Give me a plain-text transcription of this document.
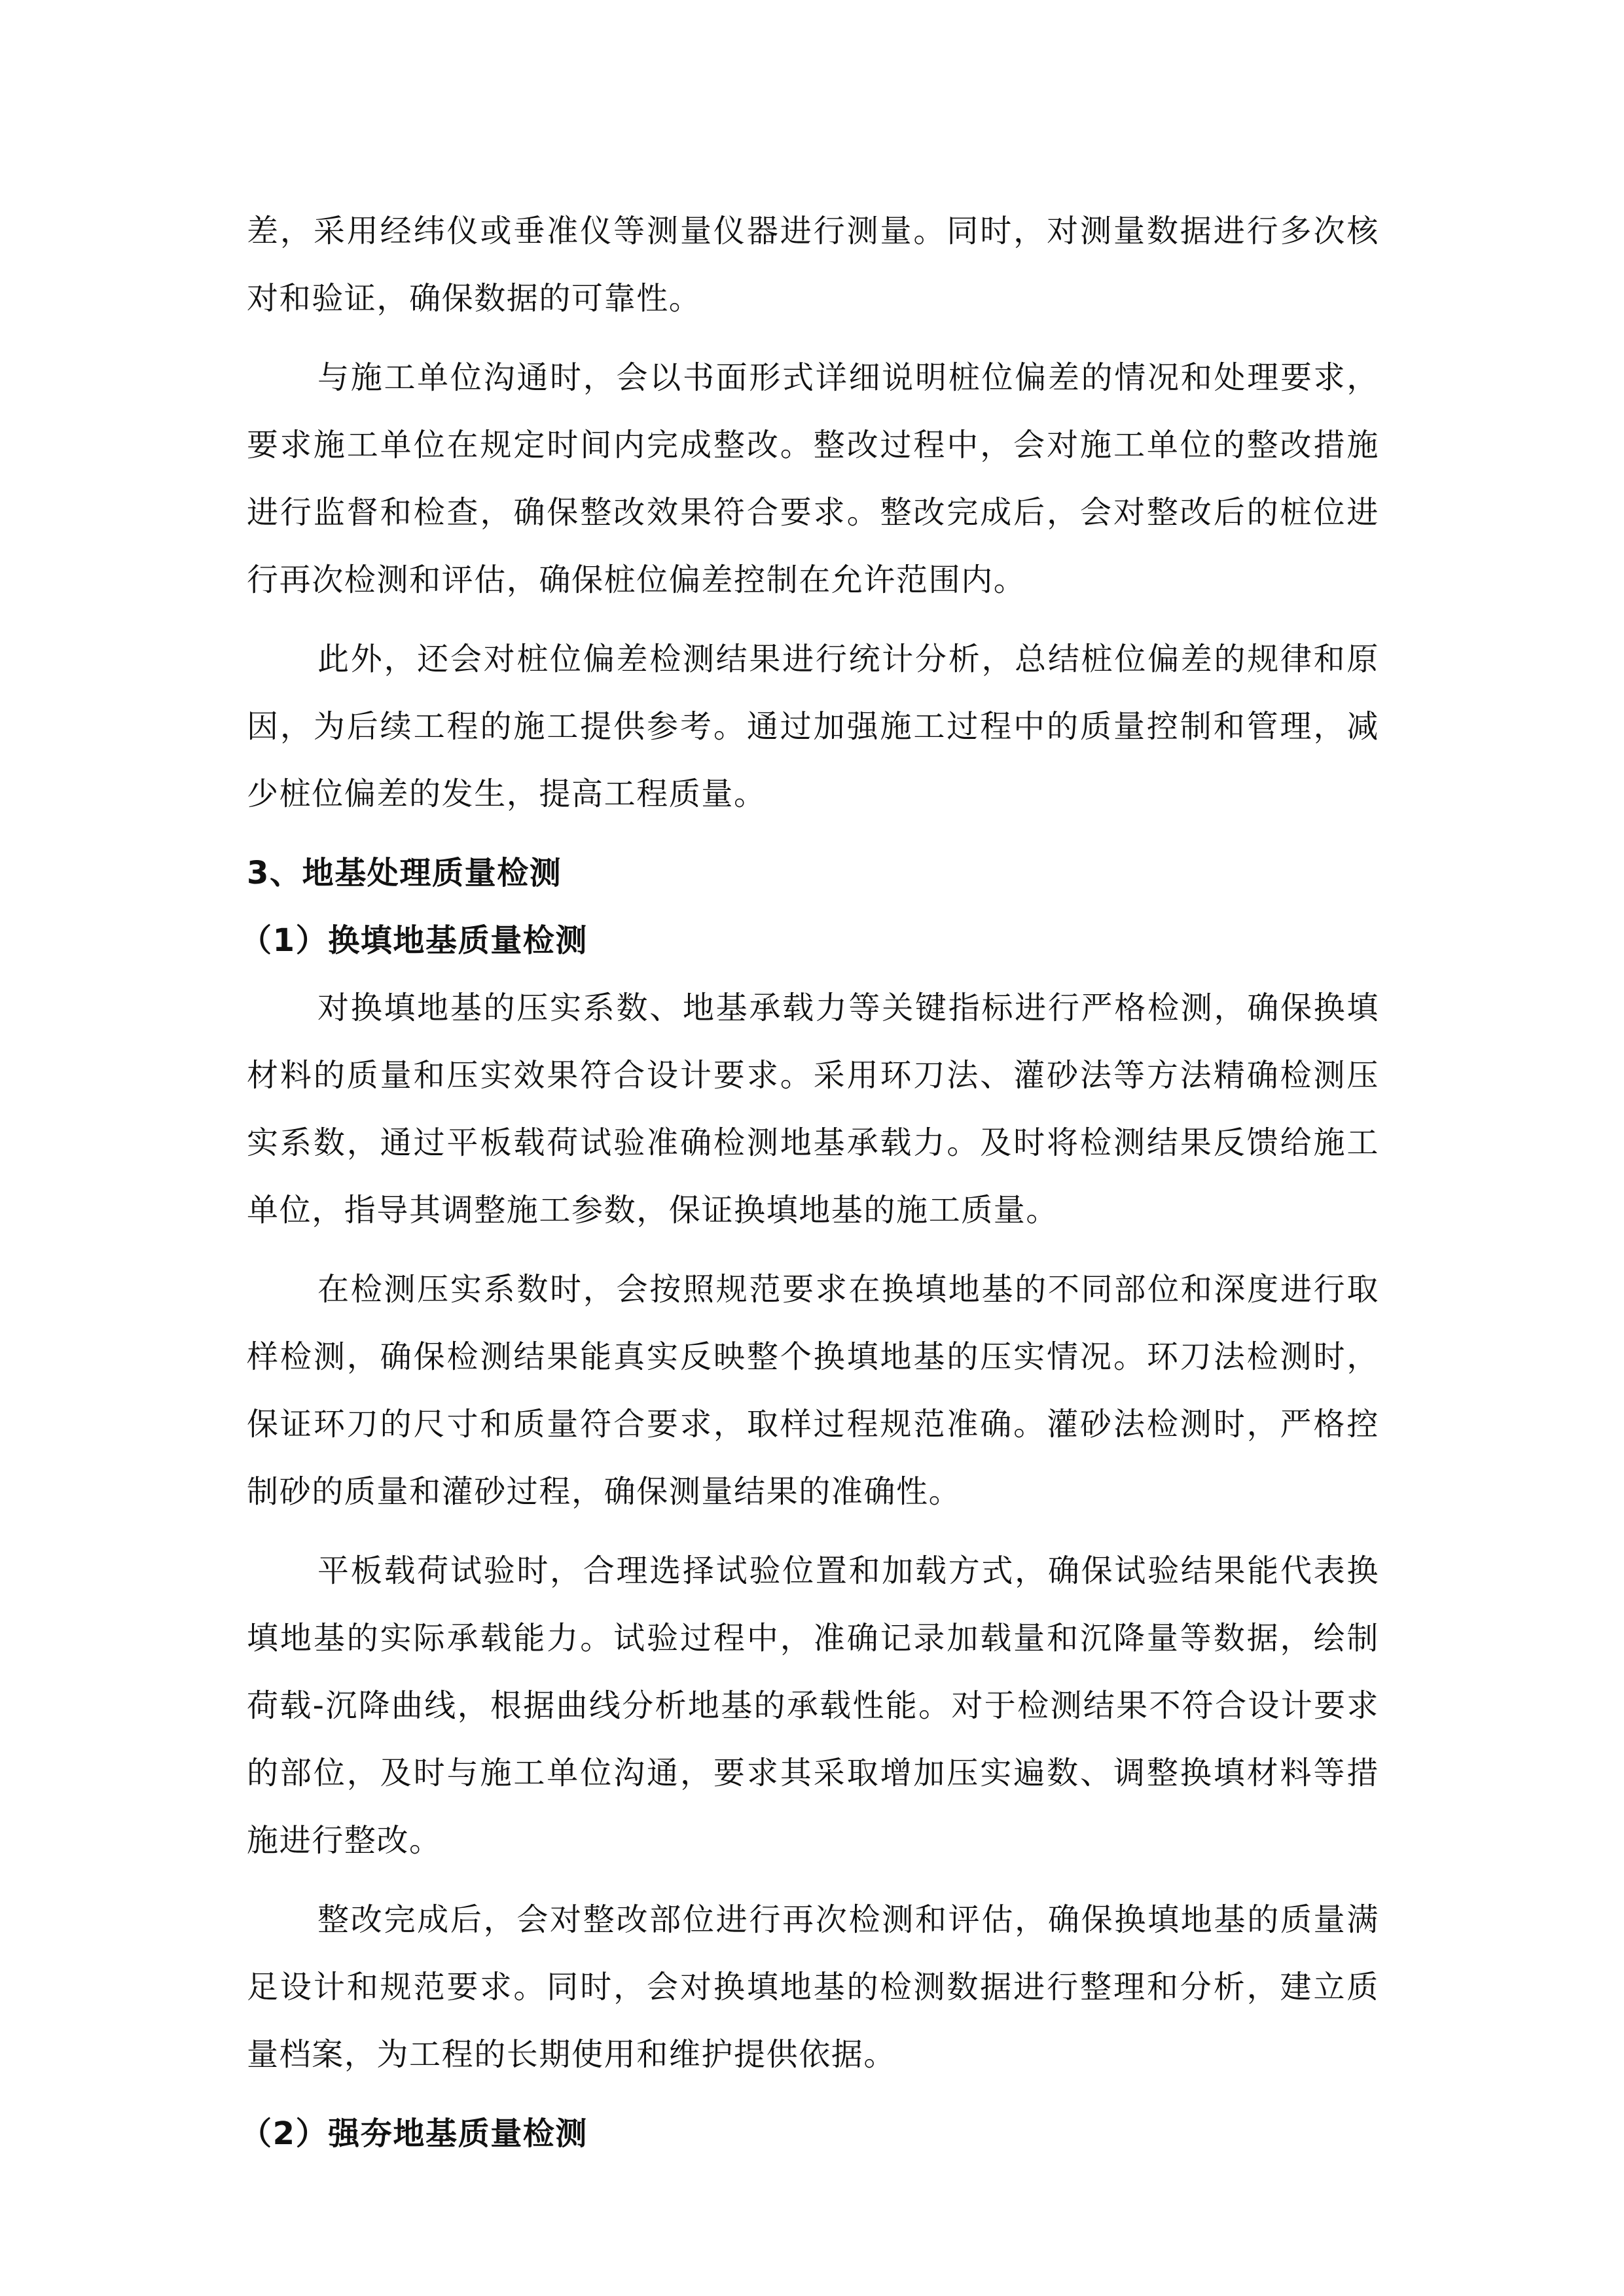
差，采用经纬仪或垂准仪等测量仪器进行测量。同时，对测量数据进行多次核对和验证，确保数据的可靠性。

与施工单位沟通时，会以书面形式详细说明桩位偏差的情况和处理要求，要求施工单位在规定时间内完成整改。整改过程中，会对施工单位的整改措施进行监督和检查，确保整改效果符合要求。整改完成后，会对整改后的桩位进行再次检测和评估，确保桩位偏差控制在允许范围内。

此外，还会对桩位偏差检测结果进行统计分析，总结桩位偏差的规律和原因，为后续工程的施工提供参考。通过加强施工过程中的质量控制和管理，减少桩位偏差的发生，提高工程质量。

3、地基处理质量检测
（1）换填地基质量检测

对换填地基的压实系数、地基承载力等关键指标进行严格检测，确保换填材料的质量和压实效果符合设计要求。采用环刀法、灌砂法等方法精确检测压实系数，通过平板载荷试验准确检测地基承载力。及时将检测结果反馈给施工单位，指导其调整施工参数，保证换填地基的施工质量。

在检测压实系数时，会按照规范要求在换填地基的不同部位和深度进行取样检测，确保检测结果能真实反映整个换填地基的压实情况。环刀法检测时，保证环刀的尺寸和质量符合要求，取样过程规范准确。灌砂法检测时，严格控制砂的质量和灌砂过程，确保测量结果的准确性。

平板载荷试验时，合理选择试验位置和加载方式，确保试验结果能代表换填地基的实际承载能力。试验过程中，准确记录加载量和沉降量等数据，绘制荷载-沉降曲线，根据曲线分析地基的承载性能。对于检测结果不符合设计要求的部位，及时与施工单位沟通，要求其采取增加压实遍数、调整换填材料等措施进行整改。

整改完成后，会对整改部位进行再次检测和评估，确保换填地基的质量满足设计和规范要求。同时，会对换填地基的检测数据进行整理和分析，建立质量档案，为工程的长期使用和维护提供依据。

（2）强夯地基质量检测
